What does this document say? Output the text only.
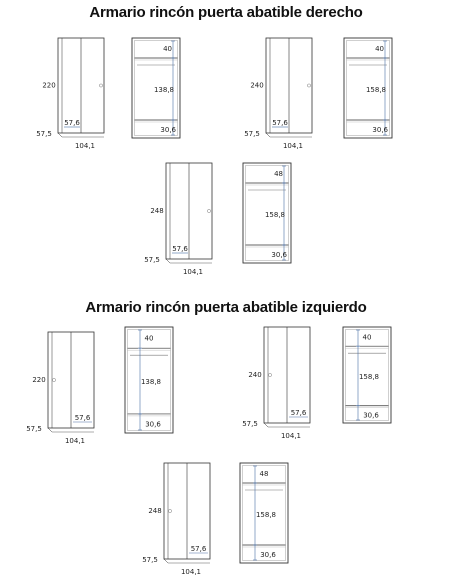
Armario rincón puerta abatible derecho
Armario rincón puerta abatible izquierdo
57,6
220
57,5
104,1
40
138,8
30,6
57,6
240
57,5
104,1
40
158,8
30,6
57,6
248
57,5
104,1
48
158,8
30,6
57,6
220
57,5
104,1
40
138,8
30,6
57,6
240
57,5
104,1
40
158,8
30,6
57,6
248
57,5
104,1
48
158,8
30,6
